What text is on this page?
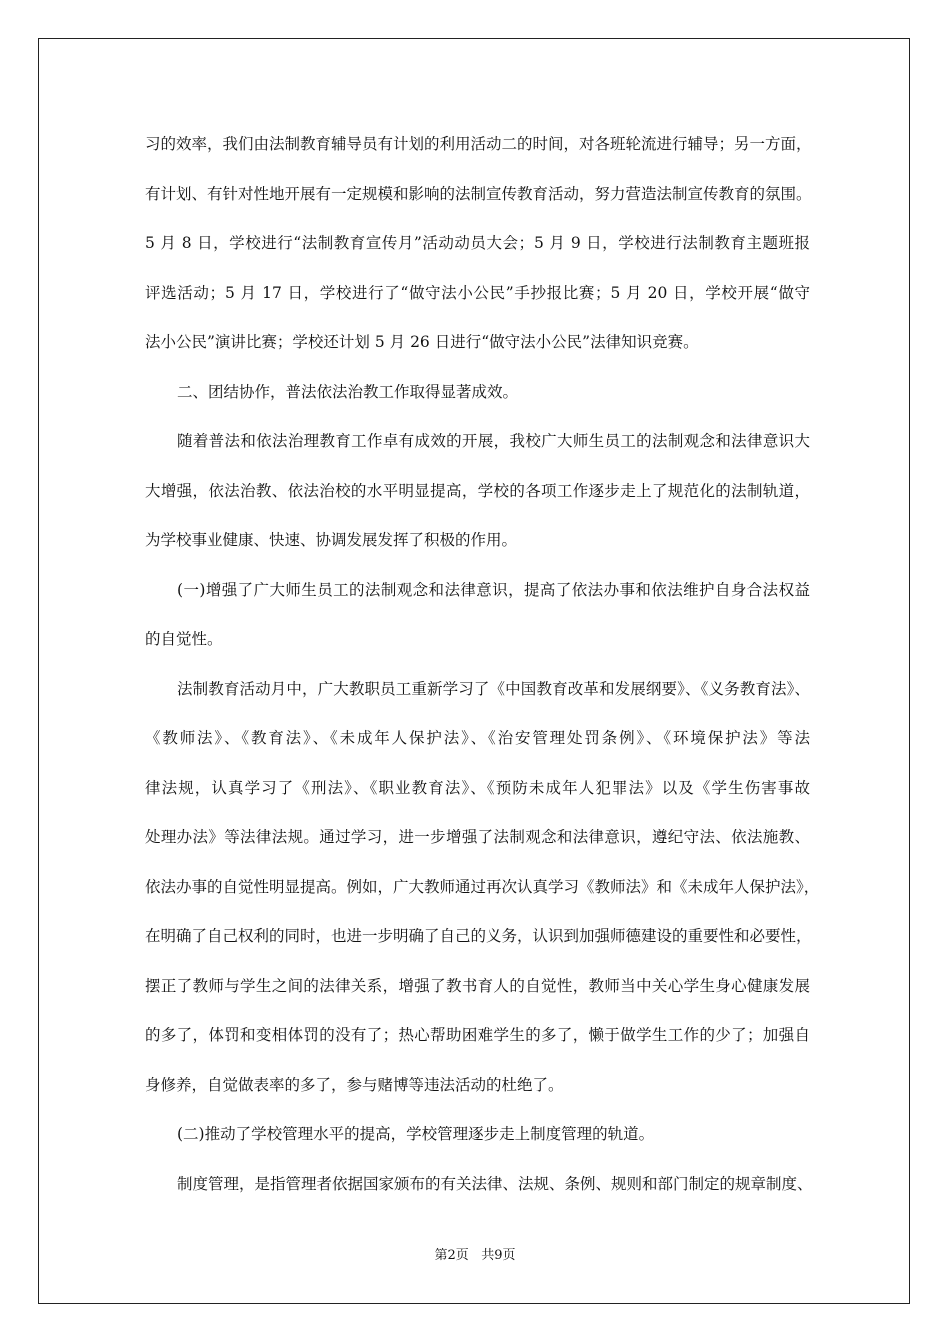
习的效率，我们由法制教育辅导员有计划的利用活动二的时间，对各班轮流进行辅导；另一方面，
有计划、有针对性地开展有一定规模和影响的法制宣传教育活动，努力营造法制宣传教育的氛围。
5 月 8 日，学校进行“法制教育宣传月”活动动员大会；5 月 9 日，学校进行法制教育主题班报
评选活动；5 月 17 日，学校进行了“做守法小公民”手抄报比赛；5 月 20 日，学校开展“做守
法小公民”演讲比赛；学校还计划 5 月 26 日进行“做守法小公民”法律知识竞赛。
二、团结协作，普法依法治教工作取得显著成效。
随着普法和依法治理教育工作卓有成效的开展，我校广大师生员工的法制观念和法律意识大
大增强，依法治教、依法治校的水平明显提高，学校的各项工作逐步走上了规范化的法制轨道，
为学校事业健康、快速、协调发展发挥了积极的作用。
(一)增强了广大师生员工的法制观念和法律意识，提高了依法办事和依法维护自身合法权益
的自觉性。
法制教育活动月中，广大教职员工重新学习了《中国教育改革和发展纲要》、《义务教育法》、
《教师法》、《教育法》、《未成年人保护法》、《治安管理处罚条例》、《环境保护法》等法
律法规，认真学习了《刑法》、《职业教育法》、《预防未成年人犯罪法》以及《学生伤害事故
处理办法》等法律法规。通过学习，进一步增强了法制观念和法律意识，遵纪守法、依法施教、
依法办事的自觉性明显提高。例如，广大教师通过再次认真学习《教师法》和《未成年人保护法》，
在明确了自己权利的同时，也进一步明确了自己的义务，认识到加强师德建设的重要性和必要性，
摆正了教师与学生之间的法律关系，增强了教书育人的自觉性，教师当中关心学生身心健康发展
的多了，体罚和变相体罚的没有了；热心帮助困难学生的多了，懒于做学生工作的少了；加强自
身修养，自觉做表率的多了，参与赌博等违法活动的杜绝了。
(二)推动了学校管理水平的提高，学校管理逐步走上制度管理的轨道。
制度管理，是指管理者依据国家颁布的有关法律、法规、条例、规则和部门制定的规章制度、
第2页 共9页
